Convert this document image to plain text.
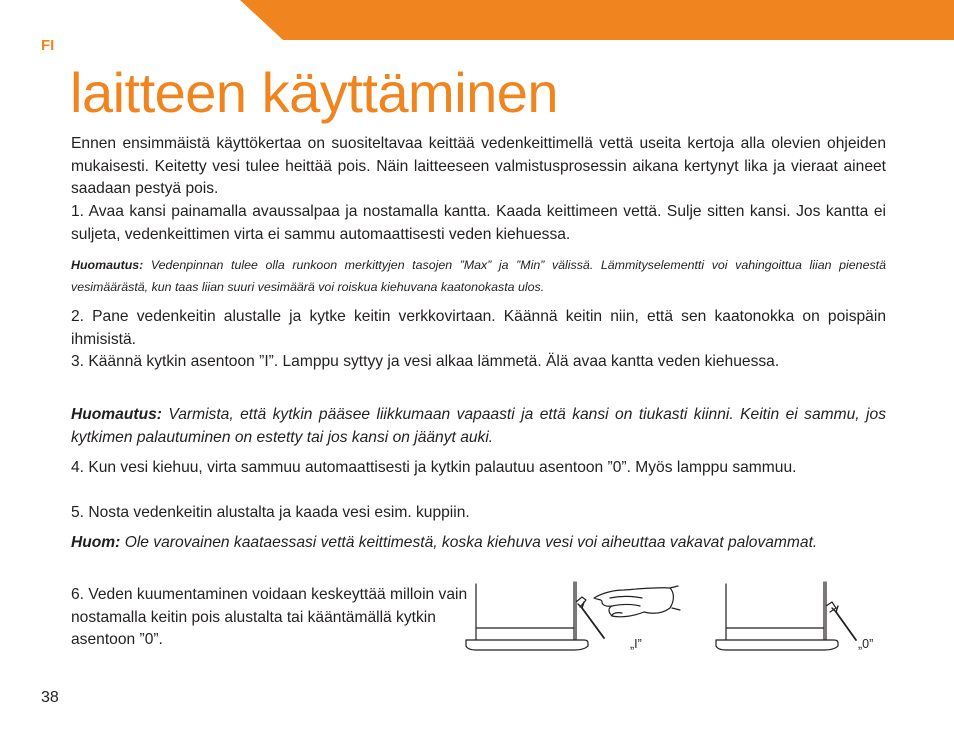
FI
laitteen käyttäminen

Ennen ensimmäistä käyttökertaa on suositeltavaa keittää vedenkeittimellä vettä useita kertoja alla olevien ohjeiden mukaisesti. Keitetty vesi tulee heittää pois. Näin laitteeseen valmistusprosessin aikana kertynyt lika ja vieraat aineet saadaan pestyä pois.

1. Avaa kansi painamalla avaussalpaa ja nostamalla kantta. Kaada keittimeen vettä. Sulje sitten kansi. Jos kantta ei suljeta, vedenkeittimen virta ei sammu automaattisesti veden kiehuessa.

Huomautus: Vedenpinnan tulee olla runkoon merkittyjen tasojen ”Max” ja ”Min” välissä. Lämmityselementti voi vahingoittua liian pienestä vesimäärästä, kun taas liian suuri vesimäärä voi roiskua kiehuvana kaatonokasta ulos.

2. Pane vedenkeitin alustalle ja kytke keitin verkkovirtaan. Käännä keitin niin, että sen kaatonokka on poispäin ihmisistä.

3. Käännä kytkin asentoon ”I”. Lamppu syttyy ja vesi alkaa lämmetä. Älä avaa kantta veden kiehuessa.

Huomautus: Varmista, että kytkin pääsee liikkumaan vapaasti ja että kansi on tiukasti kiinni. Keitin ei sammu, jos kytkimen palautuminen on estetty tai jos kansi on jäänyt auki.

4. Kun vesi kiehuu, virta sammuu automaattisesti ja kytkin palautuu asentoon ”0”. Myös lamppu sammuu.

5. Nosta vedenkeitin alustalta ja kaada vesi esim. kuppiin.

Huom: Ole varovainen kaataessasi vettä keittimestä, koska kiehuva vesi voi aiheuttaa vakavat palovammat.

6. Veden kuumentaminen voidaan keskeyttää milloin vain nostamalla keitin pois alustalta tai kääntämällä kytkin asentoon ”0”.	„I”	„0”
38
